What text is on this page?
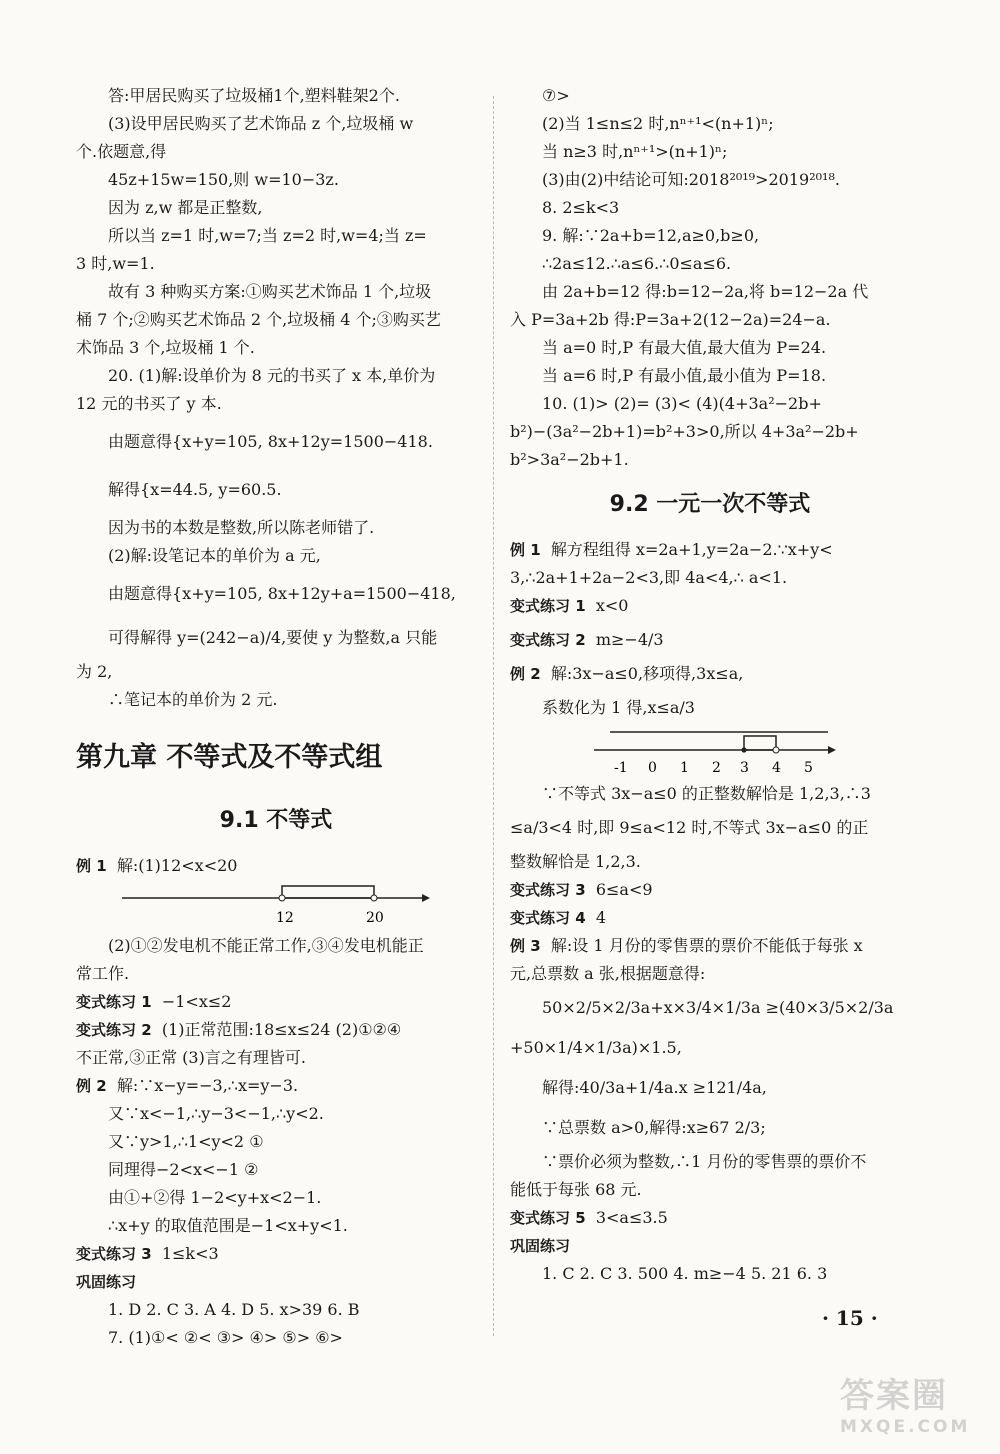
答:甲居民购买了垃圾桶1个,塑料鞋架2个.
(3)设甲居民购买了艺术饰品 z 个,垃圾桶 w
个.依题意,得
45z+15w=150,则 w=10−3z.
因为 z,w 都是正整数,
所以当 z=1 时,w=7;当 z=2 时,w=4;当 z=
3 时,w=1.
故有 3 种购买方案:①购买艺术饰品 1 个,垃圾
桶 7 个;②购买艺术饰品 2 个,垃圾桶 4 个;③购买艺
术饰品 3 个,垃圾桶 1 个.
20. (1)解:设单价为 8 元的书买了 x 本,单价为
12 元的书买了 y 本.
由题意得{x+y=105, 8x+12y=1500−418.
解得{x=44.5, y=60.5.
因为书的本数是整数,所以陈老师错了.
(2)解:设笔记本的单价为 a 元,
由题意得{x+y=105, 8x+12y+a=1500−418,
可得解得 y=(242−a)/4,要使 y 为整数,a 只能
为 2,
∴笔记本的单价为 2 元.
第九章 不等式及不等式组
9.1 不等式
例 1 解:(1)12<x<20
12	20
(2)①②发电机不能正常工作,③④发电机能正
常工作.
变式练习 1 −1<x≤2
变式练习 2 (1)正常范围:18≤x≤24 (2)①②④
不正常,③正常 (3)言之有理皆可.
例 2 解:∵x−y=−3,∴x=y−3.
又∵x<−1,∴y−3<−1,∴y<2.
又∵y>1,∴1<y<2 ①
同理得−2<x<−1 ②
由①+②得 1−2<y+x<2−1.
∴x+y 的取值范围是−1<x+y<1.
变式练习 3 1≤k<3
巩固练习
1. D 2. C 3. A 4. D 5. x>39 6. B
7. (1)①< ②< ③> ④> ⑤> ⑥>
⑦>
(2)当 1≤n≤2 时,nⁿ⁺¹<(n+1)ⁿ;
当 n≥3 时,nⁿ⁺¹>(n+1)ⁿ;
(3)由(2)中结论可知:2018²⁰¹⁹>2019²⁰¹⁸.
8. 2≤k<3
9. 解:∵2a+b=12,a≥0,b≥0,
∴2a≤12.∴a≤6.∴0≤a≤6.
由 2a+b=12 得:b=12−2a,将 b=12−2a 代
入 P=3a+2b 得:P=3a+2(12−2a)=24−a.
当 a=0 时,P 有最大值,最大值为 P=24.
当 a=6 时,P 有最小值,最小值为 P=18.
10. (1)> (2)= (3)< (4)(4+3a²−2b+
b²)−(3a²−2b+1)=b²+3>0,所以 4+3a²−2b+
b²>3a²−2b+1.
9.2 一元一次不等式
例 1 解方程组得 x=2a+1,y=2a−2.∵x+y<
3,∴2a+1+2a−2<3,即 4a<4,∴ a<1.
变式练习 1 x<0
变式练习 2 m≥−4/3
例 2 解:3x−a≤0,移项得,3x≤a,
系数化为 1 得,x≤a/3
-1 0 1 2 3 4 5
∵不等式 3x−a≤0 的正整数解恰是 1,2,3,∴3
≤a/3<4 时,即 9≤a<12 时,不等式 3x−a≤0 的正
整数解恰是 1,2,3.
变式练习 3 6≤a<9
变式练习 4 4
例 3 解:设 1 月份的零售票的票价不能低于每张 x
元,总票数 a 张,根据题意得:
50×2/5×2/3a+x×3/4×1/3a ≥(40×3/5×2/3a
+50×1/4×1/3a)×1.5,
解得:40/3a+1/4a.x ≥121/4a,
∵总票数 a>0,解得:x≥67 2/3;
∵票价必须为整数,∴1 月份的零售票的票价不
能低于每张 68 元.
变式练习 5 3<a≤3.5
巩固练习
1. C 2. C 3. 500 4. m≥−4 5. 21 6. 3
· 15 ·
答案圈
MXQE.COM
